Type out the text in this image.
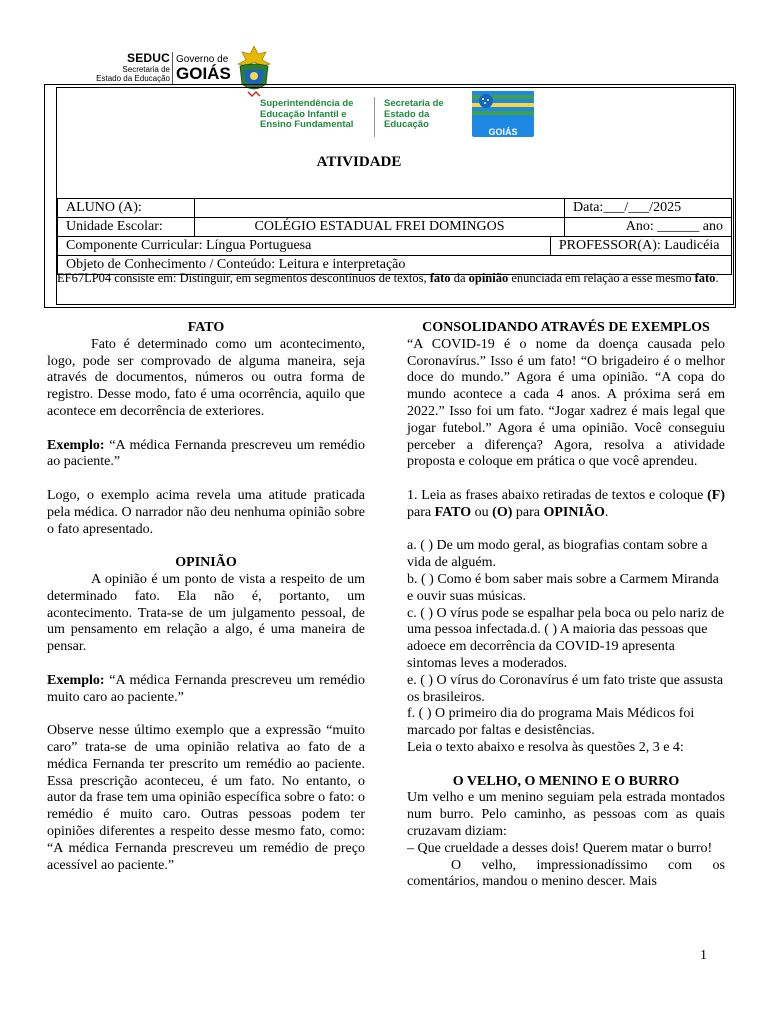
SEDUC
Secretaria de
Estado da Educação
Governo de
GOIÁS
Superintendência de
Educação Infantil e
Ensino Fundamental
Secretaria de
Estado da
Educação
GOIÁS
ATIVIDADE
ALUNO (A):			Data:___/___/2025
Unidade Escolar:	COLÉGIO ESTADUAL FREI DOMINGOS		Ano: ______ ano
Componente Curricular: Língua Portuguesa		PROFESSOR(A): Laudicéia	
Objeto de Conhecimento / Conteúdo: Leitura e interpretação			
EF67LP04 consiste em: Distinguir, em segmentos descontínuos de textos, fato da opinião enunciada em relação a esse mesmo fato.

FATO

Fato é determinado como um acontecimento, logo, pode ser comprovado de alguma maneira, seja através de documentos, números ou outra forma de registro. Desse modo, fato é uma ocorrência, aquilo que acontece em decorrência de exteriores.

Exemplo: “A médica Fernanda prescreveu um remédio ao paciente.”

Logo, o exemplo acima revela uma atitude praticada pela médica. O narrador não deu nenhuma opinião sobre o fato apresentado.

OPINIÃO

A opinião é um ponto de vista a respeito de um determinado fato. Ela não é, portanto, um acontecimento. Trata-se de um julgamento pessoal, de um pensamento em relação a algo, é uma maneira de pensar.

Exemplo: “A médica Fernanda prescreveu um remédio muito caro ao paciente.”

Observe nesse último exemplo que a expressão “muito caro” trata-se de uma opinião relativa ao fato de a médica Fernanda ter prescrito um remédio ao paciente. Essa prescrição aconteceu, é um fato. No entanto, o autor da frase tem uma opinião específica sobre o fato: o remédio é muito caro. Outras pessoas podem ter opiniões diferentes a respeito desse mesmo fato, como: “A médica Fernanda prescreveu um remédio de preço acessível ao paciente.”

CONSOLIDANDO ATRAVÉS DE EXEMPLOS

“A COVID-19 é o nome da doença causada pelo Coronavírus.” Isso é um fato! “O brigadeiro é o melhor doce do mundo.” Agora é uma opinião. “A copa do mundo acontece a cada 4 anos. A próxima será em 2022.” Isso foi um fato. “Jogar xadrez é mais legal que jogar futebol.” Agora é uma opinião. Você conseguiu perceber a diferença? Agora, resolva a atividade proposta e coloque em prática o que você aprendeu.

1. Leia as frases abaixo retiradas de textos e coloque (F) para FATO ou (O) para OPINIÃO.

a. ( ) De um modo geral, as biografias contam sobre a vida de alguém.

b. ( ) Como é bom saber mais sobre a Carmem Miranda e ouvir suas músicas.

c. ( ) O vírus pode se espalhar pela boca ou pelo nariz de uma pessoa infectada.d. ( ) A maioria das pessoas que adoece em decorrência da COVID-19 apresenta sintomas leves a moderados.

e. ( ) O vírus do Coronavírus é um fato triste que assusta os brasileiros.

f. ( ) O primeiro dia do programa Mais Médicos foi marcado por faltas e desistências.

Leia o texto abaixo e resolva às questões 2, 3 e 4:

O VELHO, O MENINO E O BURRO

Um velho e um menino seguiam pela estrada montados num burro. Pelo caminho, as pessoas com as quais cruzavam diziam:

– Que crueldade a desses dois! Querem matar o burro!

O velho, impressionadíssimo com os comentários, mandou o menino descer. Mais

1
